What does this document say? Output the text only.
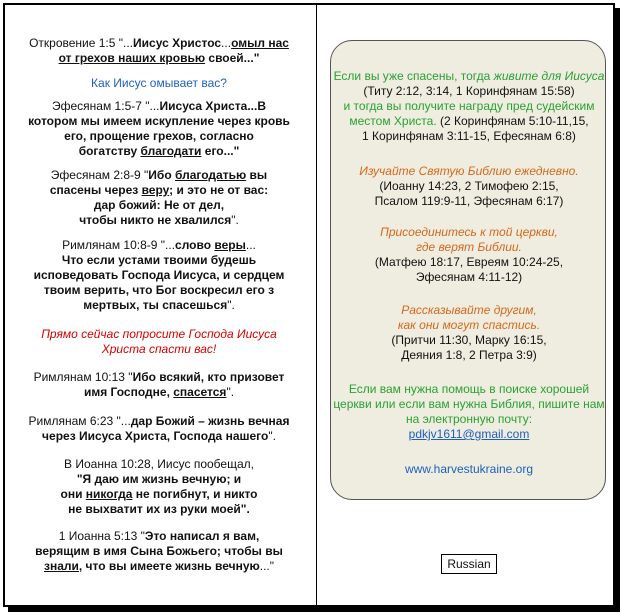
Откровение 1:5 "...Иисус Христос...омыл нас
от грехов наших кровью своей..."
Как Иисус омывает вас?
Эфесянам 1:5-7 "...Иисуса Христа...В
котором мы имеем искупление через кровь
его, прощение грехов, согласно
богатству благодати его..."
Эфесянам 2:8-9 "Ибо благодатью вы
спасены через веру; и это не от вас:
дар божий: Не от дел,
чтобы никто не хвалился".
Римлянам 10:8-9 "...слово веры...
Что если устами твоими будешь
исповедовать Господа Иисуса, и сердцем
твоим верить, что Бог воскресил его з
мертвых, ты спасешься".
Прямо сейчас попросите Господа Иисуса
Христа спасти вас!
Римлянам 10:13 "Ибо всякий, кто призовет
имя Господне, спасется".
Римлянам 6:23 "...дар Божий – жизнь вечная
через Иисуса Христа, Господа нашего".
В Иоанна 10:28, Иисус пообещал,
"Я даю им жизнь вечную; и
они никогда не погибнут, и никто
не выхватит их из руки моей".
1 Иоанна 5:13 "Это написал я вам,
верящим в имя Сына Божьего; чтобы вы
знали, что вы имеете жизнь вечную..."
Если вы уже спасены, тогда живите для Иисуса
(Титу 2:12, 3:14, 1 Коринфянам 15:58)
и тогда вы получите награду пред судейским
местом Христа. (2 Коринфянам 5:10-11,15,
1 Коринфянам 3:11-15, Ефесянам 6:8)
Изучайте Святую Библию ежедневно.
(Иоанну 14:23, 2 Тимофею 2:15,
Псалом 119:9-11, Эфесянам 6:17)
Присоединитесь к той церкви,
где верят Библии.
(Матфею 18:17, Евреям 10:24-25,
Эфесянам 4:11-12)
Рассказывайте другим,
как они могут спастись.
(Притчи 11:30, Марку 16:15,
Деяния 1:8, 2 Петра 3:9)
Если вам нужна помощь в поиске хорошей
церкви или если вам нужна Библия, пишите нам
на электронную почту:
pdkjv1611@gmail.com
www.harvestukraine.org
Russian
